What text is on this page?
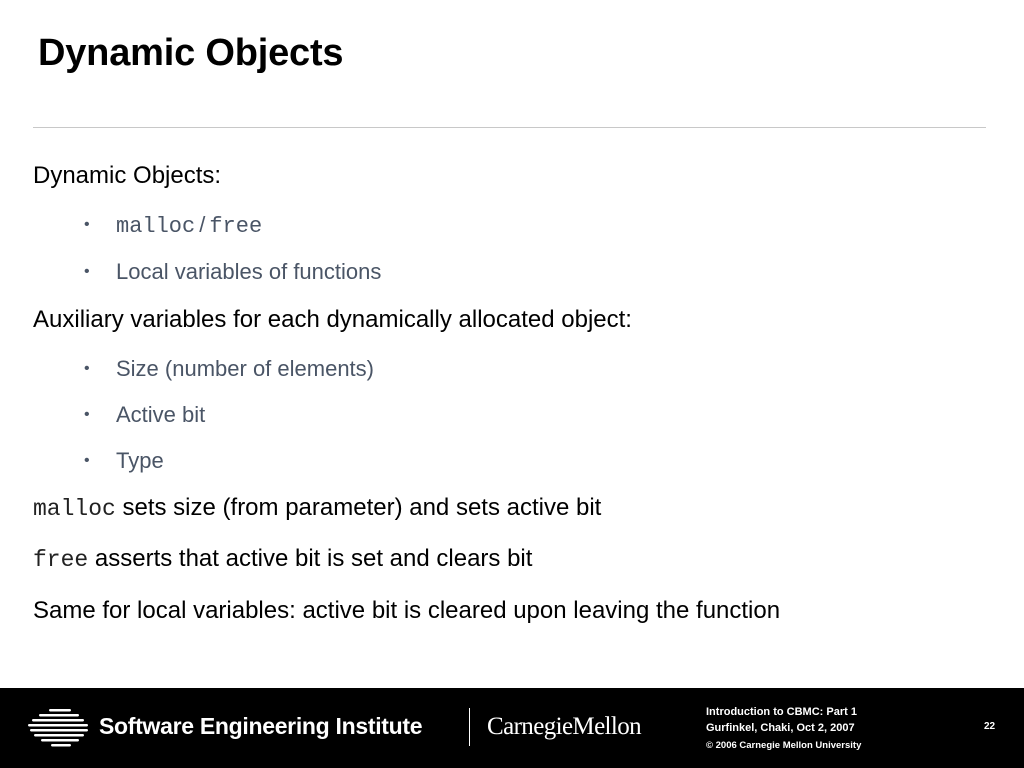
Dynamic Objects
Dynamic Objects:
• malloc / free
• Local variables of functions
Auxiliary variables for each dynamically allocated object:
• Size (number of elements)
• Active bit
• Type
malloc sets size (from parameter) and sets active bit
free asserts that active bit is set and clears bit
Same for local variables: active bit is cleared upon leaving the function
Software Engineering Institute	CarnegieMellon
Introduction to CBMC: Part 1
Gurfinkel, Chaki, Oct 2, 2007
© 2006 Carnegie Mellon University
22
